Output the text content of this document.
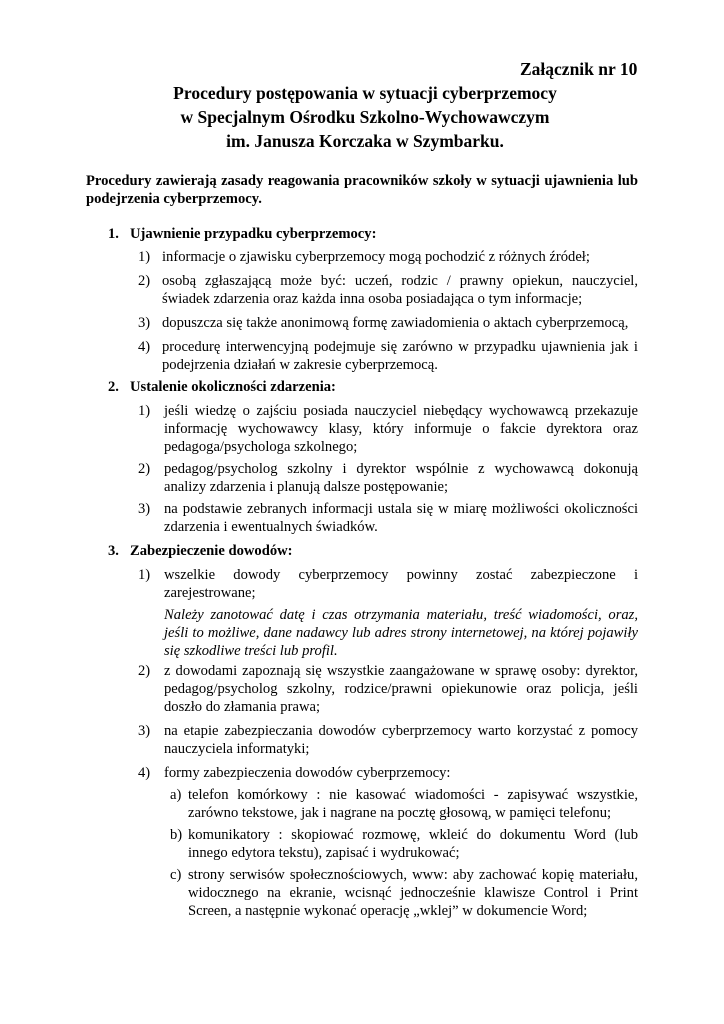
Załącznik nr 10
Procedury postępowania w sytuacji cyberprzemocy
w Specjalnym Ośrodku Szkolno-Wychowawczym
im. Janusza Korczaka w Szymbarku.
Procedury zawierają zasady reagowania pracowników szkoły w sytuacji ujawnienia lub podejrzenia cyberprzemocy.
1. Ujawnienie przypadku cyberprzemocy:
1) informacje o zjawisku cyberprzemocy mogą pochodzić z różnych źródeł;
2) osobą zgłaszającą może być: uczeń, rodzic / prawny opiekun, nauczyciel, świadek zdarzenia oraz każda inna osoba posiadająca o tym informacje;
3) dopuszcza się także anonimową formę zawiadomienia o aktach cyberprzemocą,
4) procedurę interwencyjną podejmuje się zarówno w przypadku ujawnienia jak i podejrzenia działań w zakresie cyberprzemocą.
2. Ustalenie okoliczności zdarzenia:
1) jeśli wiedzę o zajściu posiada nauczyciel niebędący wychowawcą przekazuje informację wychowawcy klasy, który informuje o fakcie dyrektora oraz pedagoga/psychologa szkolnego;
2) pedagog/psycholog szkolny i dyrektor wspólnie z wychowawcą dokonują analizy zdarzenia i planują dalsze postępowanie;
3) na podstawie zebranych informacji ustala się w miarę możliwości okoliczności zdarzenia i ewentualnych świadków.
3. Zabezpieczenie dowodów:
1) wszelkie dowody cyberprzemocy powinny zostać zabezpieczone i zarejestrowane;
Należy zanotować datę i czas otrzymania materiału, treść wiadomości, oraz, jeśli to możliwe, dane nadawcy lub adres strony internetowej, na której pojawiły się szkodliwe treści lub profil.
2) z dowodami zapoznają się wszystkie zaangażowane w sprawę osoby: dyrektor, pedagog/psycholog szkolny, rodzice/prawni opiekunowie oraz policja, jeśli doszło do złamania prawa;
3) na etapie zabezpieczania dowodów cyberprzemocy warto korzystać z pomocy nauczyciela informatyki;
4) formy zabezpieczenia dowodów cyberprzemocy:
a) telefon komórkowy : nie kasować wiadomości - zapisywać wszystkie, zarówno tekstowe, jak i nagrane na pocztę głosową, w pamięci telefonu;
b) komunikatory : skopiować rozmowę, wkleić do dokumentu Word (lub innego edytora tekstu), zapisać i wydrukować;
c) strony serwisów społecznościowych, www: aby zachować kopię materiału, widocznego na ekranie, wcisnąć jednocześnie klawisze Control i Print Screen, a następnie wykonać operację „wklej” w dokumencie Word;
